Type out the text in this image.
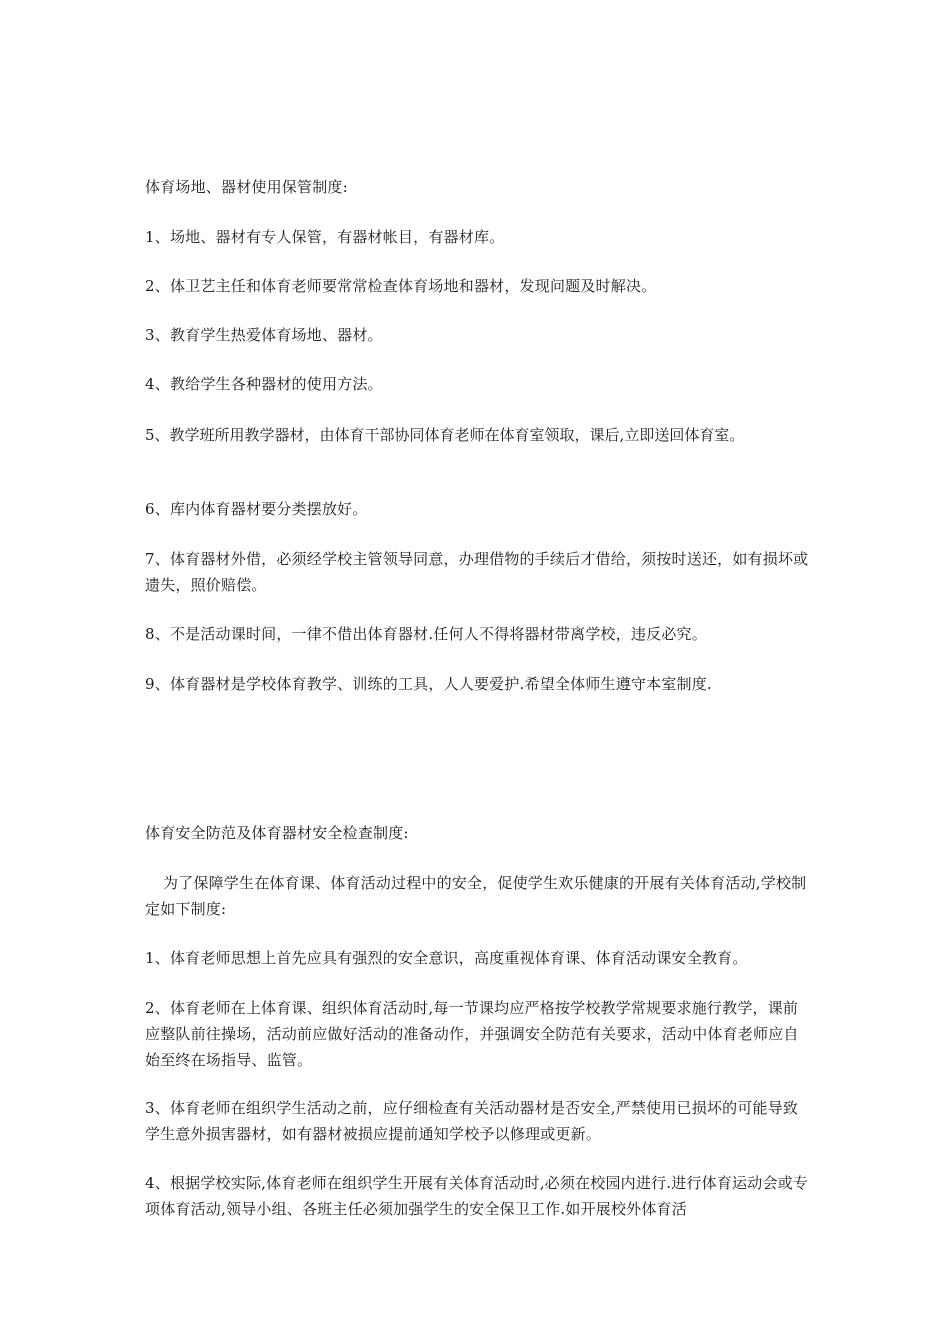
体育场地、器材使用保管制度:

1、场地、器材有专人保管，有器材帐目，有器材库。

2、体卫艺主任和体育老师要常常检查体育场地和器材，发现问题及时解决。

3、教育学生热爱体育场地、器材。

4、教给学生各种器材的使用方法。

5、教学班所用教学器材，由体育干部协同体育老师在体育室领取，课后,立即送回体育室。

6、库内体育器材要分类摆放好。

7、体育器材外借，必须经学校主管领导同意，办理借物的手续后才借给，须按时送还，如有损坏或遗失，照价赔偿。

8、不是活动课时间，一律不借出体育器材.任何人不得将器材带离学校，违反必究。

9、体育器材是学校体育教学、训练的工具，人人要爱护.希望全体师生遵守本室制度.

体育安全防范及体育器材安全检查制度:

为了保障学生在体育课、体育活动过程中的安全，促使学生欢乐健康的开展有关体育活动,学校制定如下制度:

1、体育老师思想上首先应具有强烈的安全意识，高度重视体育课、体育活动课安全教育。

2、体育老师在上体育课、组织体育活动时,每一节课均应严格按学校教学常规要求施行教学，课前应整队前往操场，活动前应做好活动的准备动作，并强调安全防范有关要求，活动中体育老师应自始至终在场指导、监管。

3、体育老师在组织学生活动之前，应仔细检查有关活动器材是否安全,严禁使用已损坏的可能导致学生意外损害器材，如有器材被损应提前通知学校予以修理或更新。

4、根据学校实际,体育老师在组织学生开展有关体育活动时,必须在校园内进行.进行体育运动会或专项体育活动,领导小组、各班主任必须加强学生的安全保卫工作.如开展校外体育活
